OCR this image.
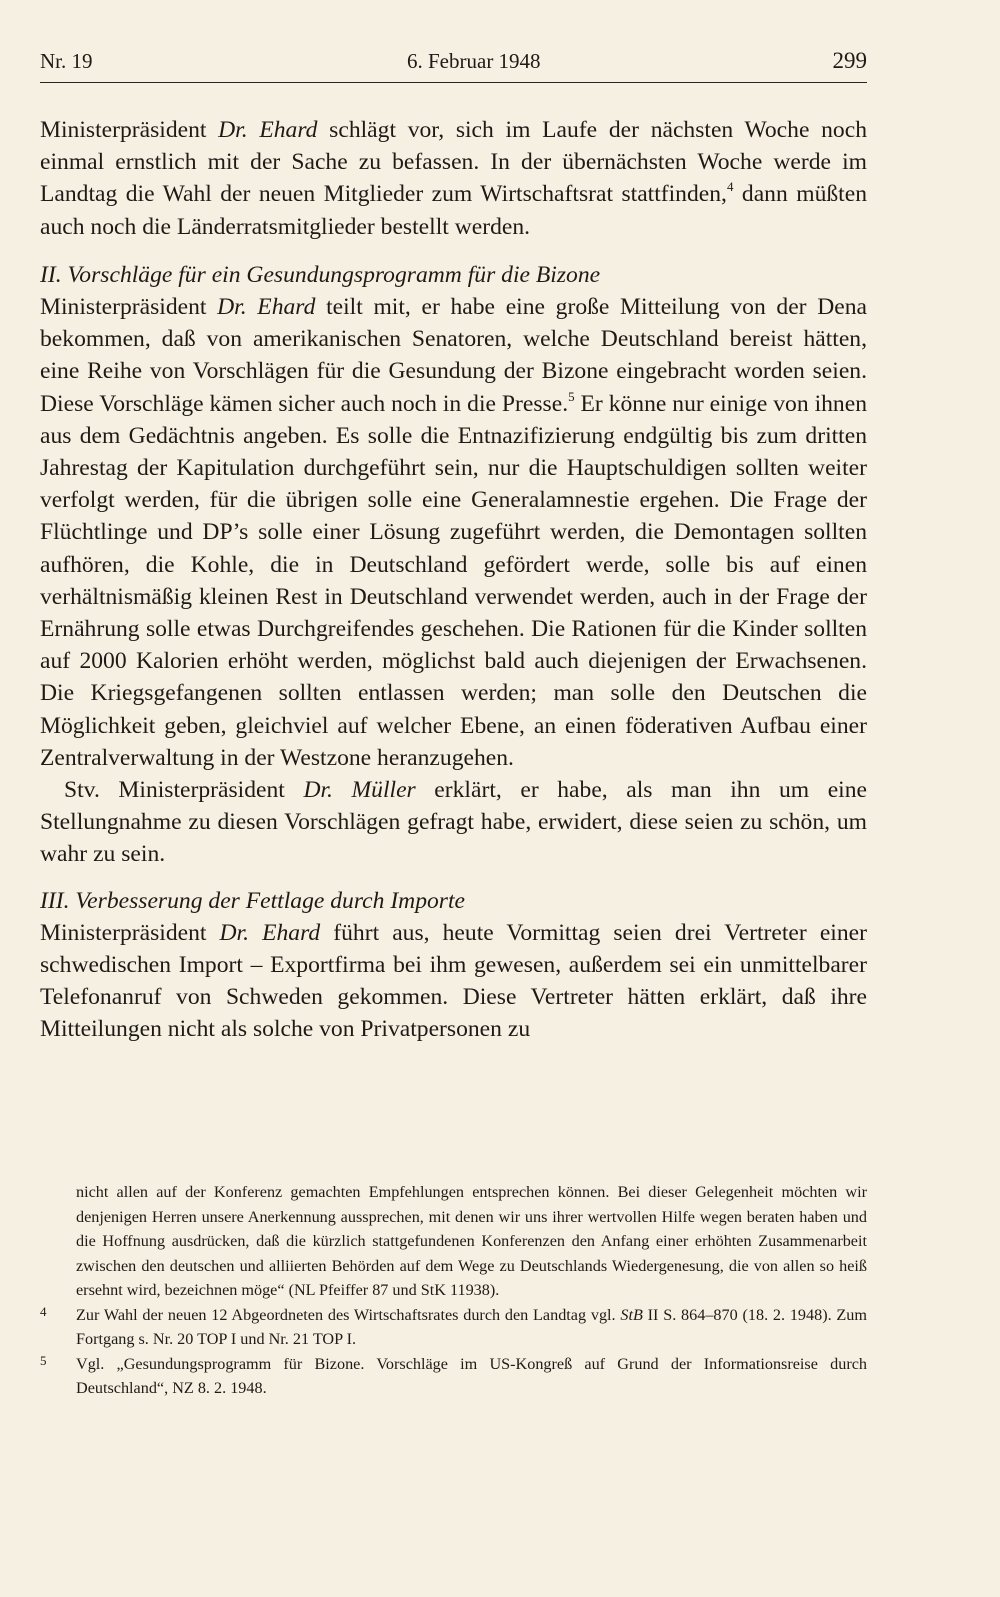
Nr. 19	6. Februar 1948	299

Ministerpräsident Dr. Ehard schlägt vor, sich im Laufe der nächsten Woche noch einmal ernstlich mit der Sache zu befassen. In der übernächsten Woche werde im Landtag die Wahl der neuen Mitglieder zum Wirtschaftsrat stattfinden,$^4$ dann müßten auch noch die Länderratsmitglieder bestellt werden.

II. Vorschläge für ein Gesundungsprogramm für die Bizone

Ministerpräsident Dr. Ehard teilt mit, er habe eine große Mitteilung von der Dena bekommen, daß von amerikanischen Senatoren, welche Deutschland bereist hätten, eine Reihe von Vorschlägen für die Gesundung der Bizone eingebracht worden seien. Diese Vorschläge kämen sicher auch noch in die Presse.$^5$ Er könne nur einige von ihnen aus dem Gedächtnis angeben. Es solle die Entnazifizierung endgültig bis zum dritten Jahrestag der Kapitulation durchgeführt sein, nur die Hauptschuldigen sollten weiter verfolgt werden, für die übrigen solle eine Generalamnestie ergehen. Die Frage der Flüchtlinge und DP’s solle einer Lösung zugeführt werden, die Demontagen sollten aufhören, die Kohle, die in Deutschland gefördert werde, solle bis auf einen verhältnismäßig kleinen Rest in Deutschland verwendet werden, auch in der Frage der Ernährung solle etwas Durchgreifendes geschehen. Die Rationen für die Kinder sollten auf 2000 Kalorien erhöht werden, möglichst bald auch diejenigen der Erwachsenen. Die Kriegsgefangenen sollten entlassen werden; man solle den Deutschen die Möglichkeit geben, gleichviel auf welcher Ebene, an einen föderativen Aufbau einer Zentralverwaltung in der Westzone heranzugehen.

Stv. Ministerpräsident Dr. Müller erklärt, er habe, als man ihn um eine Stellungnahme zu diesen Vorschlägen gefragt habe, erwidert, diese seien zu schön, um wahr zu sein.

III. Verbesserung der Fettlage durch Importe

Ministerpräsident Dr. Ehard führt aus, heute Vormittag seien drei Vertreter einer schwedischen Import – Exportfirma bei ihm gewesen, außerdem sei ein unmittelbarer Telefonanruf von Schweden gekommen. Diese Vertreter hätten erklärt, daß ihre Mitteilungen nicht als solche von Privatpersonen zu

nicht allen auf der Konferenz gemachten Empfehlungen entsprechen können. Bei dieser Gelegenheit möchten wir denjenigen Herren unsere Anerkennung aussprechen, mit denen wir uns ihrer wertvollen Hilfe wegen beraten haben und die Hoffnung ausdrücken, daß die kürzlich stattgefundenen Konferenzen den Anfang einer erhöhten Zusammenarbeit zwischen den deutschen und alliierten Behörden auf dem Wege zu Deutschlands Wiedergenesung, die von allen so heiß ersehnt wird, bezeichnen möge“ (NL Pfeiffer 87 und StK 11938).

4 Zur Wahl der neuen 12 Abgeordneten des Wirtschaftsrates durch den Landtag vgl. StB II S. 864–870 (18. 2. 1948). Zum Fortgang s. Nr. 20 TOP I und Nr. 21 TOP I.

5 Vgl. „Gesundungsprogramm für Bizone. Vorschläge im US-Kongreß auf Grund der Informationsreise durch Deutschland“, NZ 8. 2. 1948.
